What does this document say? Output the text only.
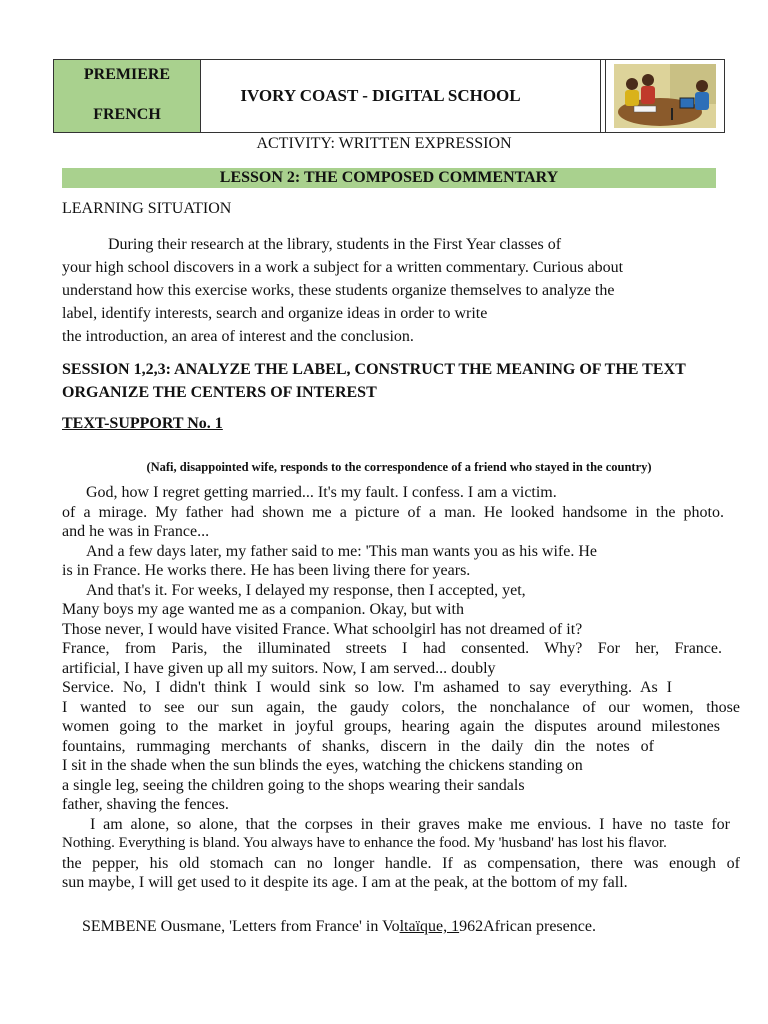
PREMIERE
FRENCH
IVORY COAST - DIGITAL SCHOOL
ACTIVITY: WRITTEN EXPRESSION
LESSON 2: THE COMPOSED COMMENTARY
LEARNING SITUATION
During their research at the library, students in the First Year classes of
your high school discovers in a work a subject for a written commentary. Curious about
understand how this exercise works, these students organize themselves to analyze the
label, identify interests, search and organize ideas in order to write
the introduction, an area of interest and the conclusion.
SESSION 1,2,3: ANALYZE THE LABEL, CONSTRUCT THE MEANING OF THE TEXT
ORGANIZE THE CENTERS OF INTEREST
TEXT-SUPPORT No. 1
(Nafi, disappointed wife, responds to the correspondence of a friend who stayed in the country)
God, how I regret getting married... It's my fault. I confess. I am a victim.
of a mirage. My father had shown me a picture of a man. He looked handsome in the photo.
and he was in France...
And a few days later, my father said to me: 'This man wants you as his wife. He
is in France. He works there. He has been living there for years.
And that's it. For weeks, I delayed my response, then I accepted, yet,
Many boys my age wanted me as a companion. Okay, but with
Those never, I would have visited France. What schoolgirl has not dreamed of it?
France, from Paris, the illuminated streets I had consented. Why? For her, France.
artificial, I have given up all my suitors. Now, I am served... doubly
Service. No, I didn't think I would sink so low. I'm ashamed to say everything. As I
I wanted to see our sun again, the gaudy colors, the nonchalance of our women, those
women going to the market in joyful groups, hearing again the disputes around milestones
fountains, rummaging merchants of shanks, discern in the daily din the notes of
I sit in the shade when the sun blinds the eyes, watching the chickens standing on
a single leg, seeing the children going to the shops wearing their sandals
father, shaving the fences.
I am alone, so alone, that the corpses in their graves make me envious. I have no taste for
Nothing. Everything is bland. You always have to enhance the food. My 'husband' has lost his flavor.
the pepper, his old stomach can no longer handle. If as compensation, there was enough of
sun maybe, I will get used to it despite its age. I am at the peak, at the bottom of my fall.
SEMBENE Ousmane, 'Letters from France' in Voltaïque, 1962African presence.
